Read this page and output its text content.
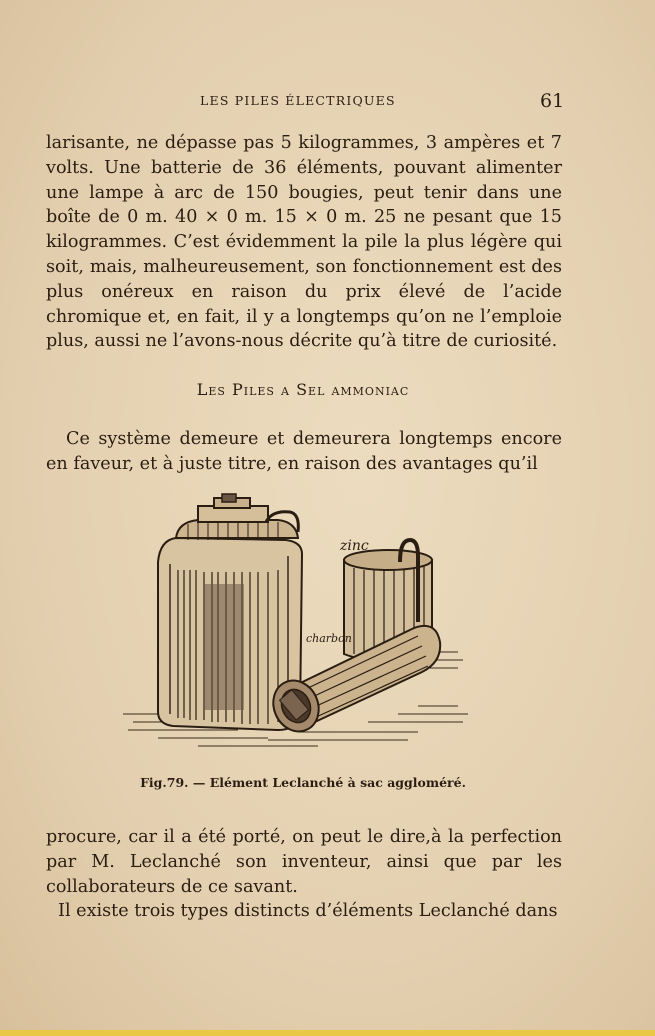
LES PILES ÉLECTRIQUES	61

larisante, ne dépasse pas 5 kilogrammes, 3 ampères et 7 volts. Une batterie de 36 éléments, pouvant alimenter une lampe à arc de 150 bougies, peut tenir dans une boîte de 0 m. 40 × 0 m. 15 × 0 m. 25 ne pesant que 15 kilogrammes. C’est évidemment la pile la plus légère qui soit, mais, malheureusement, son fonctionnement est des plus onéreux en raison du prix élevé de l’acide chromique et, en fait, il y a longtemps qu’on ne l’emploie plus, aussi ne l’avons-nous décrite qu’à titre de curiosité.

Les Piles a Sel ammoniac

Ce système demeure et demeurera longtemps encore en faveur, et à juste titre, en raison des avantages qu’il

zinc
charbon
Fig.79. — Elément Leclanché à sac aggloméré.

procure, car il a été porté, on peut le dire,à la perfection par M. Leclanché son inventeur, ainsi que par les collaborateurs de ce savant.

Il existe trois types distincts d’éléments Leclanché dans
